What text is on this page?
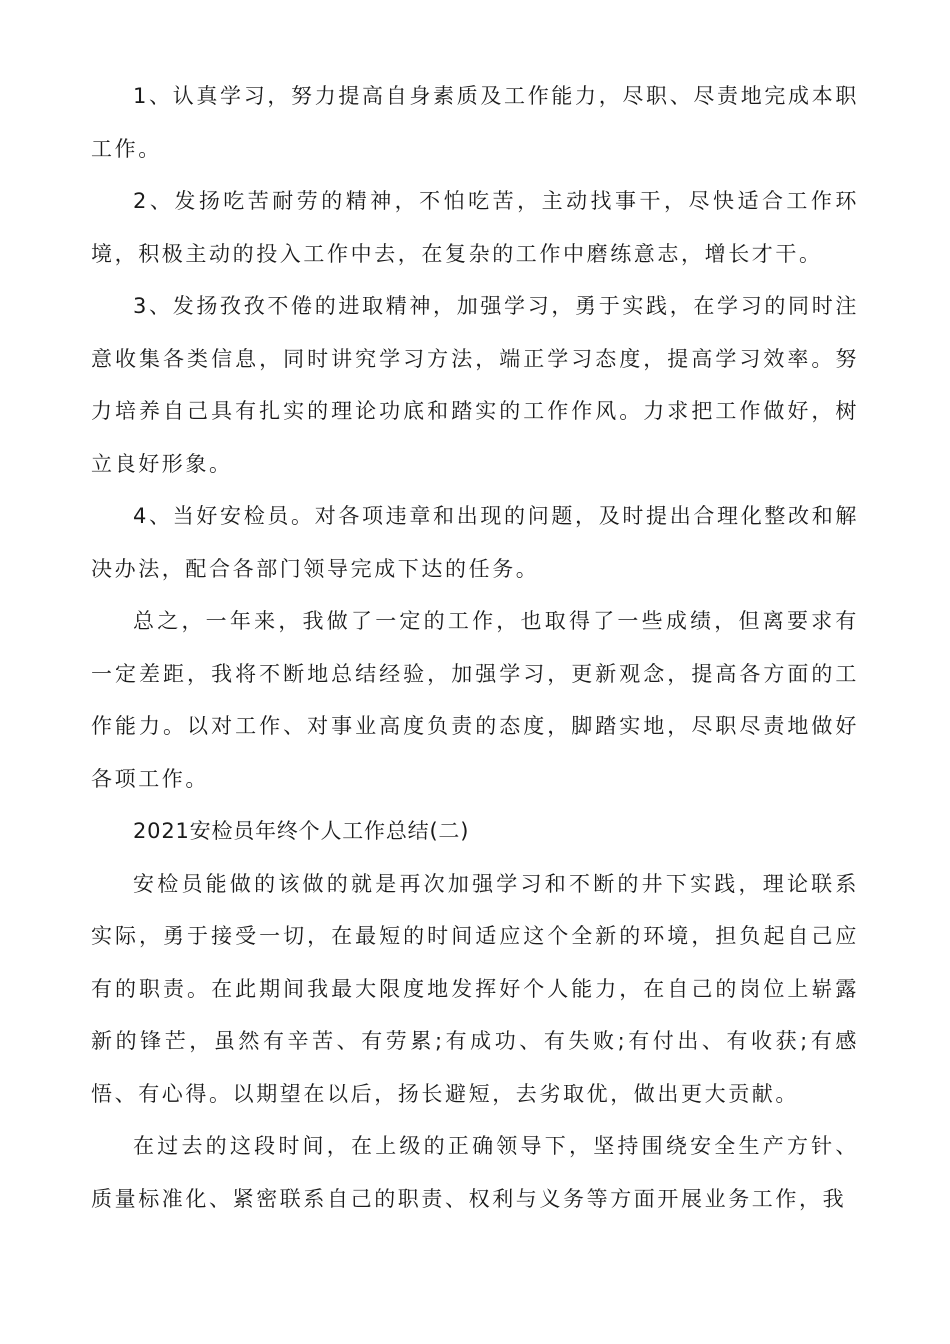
1、认真学习，努力提高自身素质及工作能力，尽职、尽责地完成本职工作。

2、发扬吃苦耐劳的精神，不怕吃苦，主动找事干，尽快适合工作环境，积极主动的投入工作中去，在复杂的工作中磨练意志，增长才干。

3、发扬孜孜不倦的进取精神，加强学习，勇于实践，在学习的同时注意收集各类信息，同时讲究学习方法，端正学习态度，提高学习效率。努力培养自己具有扎实的理论功底和踏实的工作作风。力求把工作做好，树立良好形象。

4、当好安检员。对各项违章和出现的问题，及时提出合理化整改和解决办法，配合各部门领导完成下达的任务。

总之，一年来，我做了一定的工作，也取得了一些成绩，但离要求有一定差距，我将不断地总结经验，加强学习，更新观念，提高各方面的工作能力。以对工作、对事业高度负责的态度，脚踏实地，尽职尽责地做好各项工作。

2021安检员年终个人工作总结(二)

安检员能做的该做的就是再次加强学习和不断的井下实践，理论联系实际，勇于接受一切，在最短的时间适应这个全新的环境，担负起自己应有的职责。在此期间我最大限度地发挥好个人能力，在自己的岗位上崭露新的锋芒，虽然有辛苦、有劳累;有成功、有失败;有付出、有收获;有感悟、有心得。以期望在以后，扬长避短，去劣取优，做出更大贡献。

在过去的这段时间，在上级的正确领导下，坚持围绕安全生产方针、质量标准化、紧密联系自己的职责、权利与义务等方面开展业务工作，我
